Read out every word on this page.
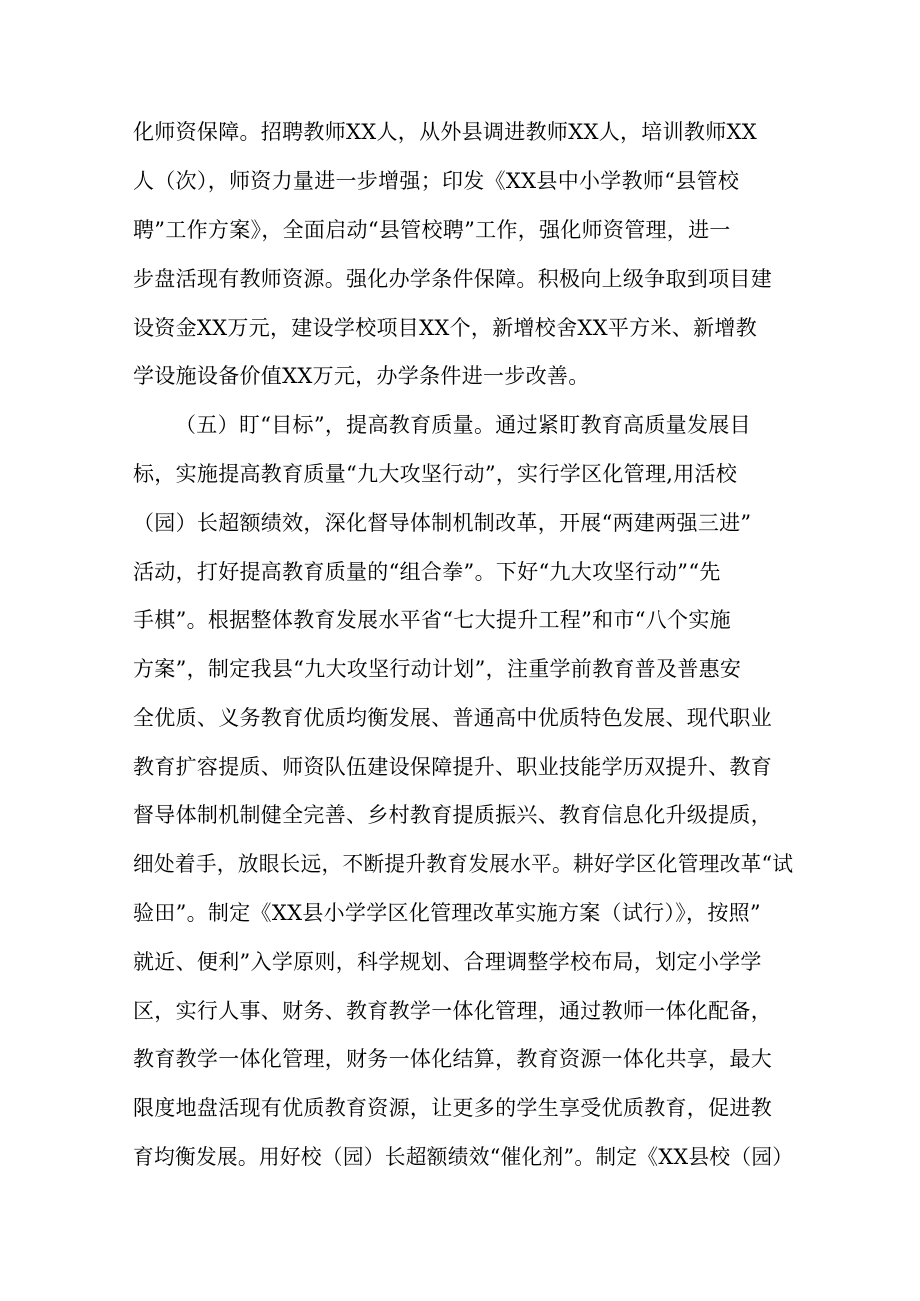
化师资保障。招聘教师XX人，从外县调进教师XX人，培训教师XX
人（次），师资力量进一步增强；印发《XX县中小学教师“县管校
聘”工作方案》，全面启动“县管校聘”工作，强化师资管理，进一
步盘活现有教师资源。强化办学条件保障。积极向上级争取到项目建
设资金XX万元，建设学校项目XX个，新增校舍XX平方米、新增教
学设施设备价值XX万元，办学条件进一步改善。
（五）盯“目标”，提高教育质量。通过紧盯教育高质量发展目
标，实施提高教育质量“九大攻坚行动”，实行学区化管理,用活校
（园）长超额绩效，深化督导体制机制改革，开展“两建两强三进”
活动，打好提高教育质量的“组合拳”。下好“九大攻坚行动”“先
手棋”。根据整体教育发展水平省“七大提升工程”和市“八个实施
方案”，制定我县“九大攻坚行动计划”，注重学前教育普及普惠安
全优质、义务教育优质均衡发展、普通高中优质特色发展、现代职业
教育扩容提质、师资队伍建设保障提升、职业技能学历双提升、教育
督导体制机制健全完善、乡村教育提质振兴、教育信息化升级提质，
细处着手，放眼长远，不断提升教育发展水平。耕好学区化管理改革“试
验田”。制定《XX县小学学区化管理改革实施方案（试行）》，按照”
就近、便利”入学原则，科学规划、合理调整学校布局，划定小学学
区，实行人事、财务、教育教学一体化管理，通过教师一体化配备，
教育教学一体化管理，财务一体化结算，教育资源一体化共享，最大
限度地盘活现有优质教育资源，让更多的学生享受优质教育，促进教
育均衡发展。用好校（园）长超额绩效“催化剂”。制定《XX县校（园）
